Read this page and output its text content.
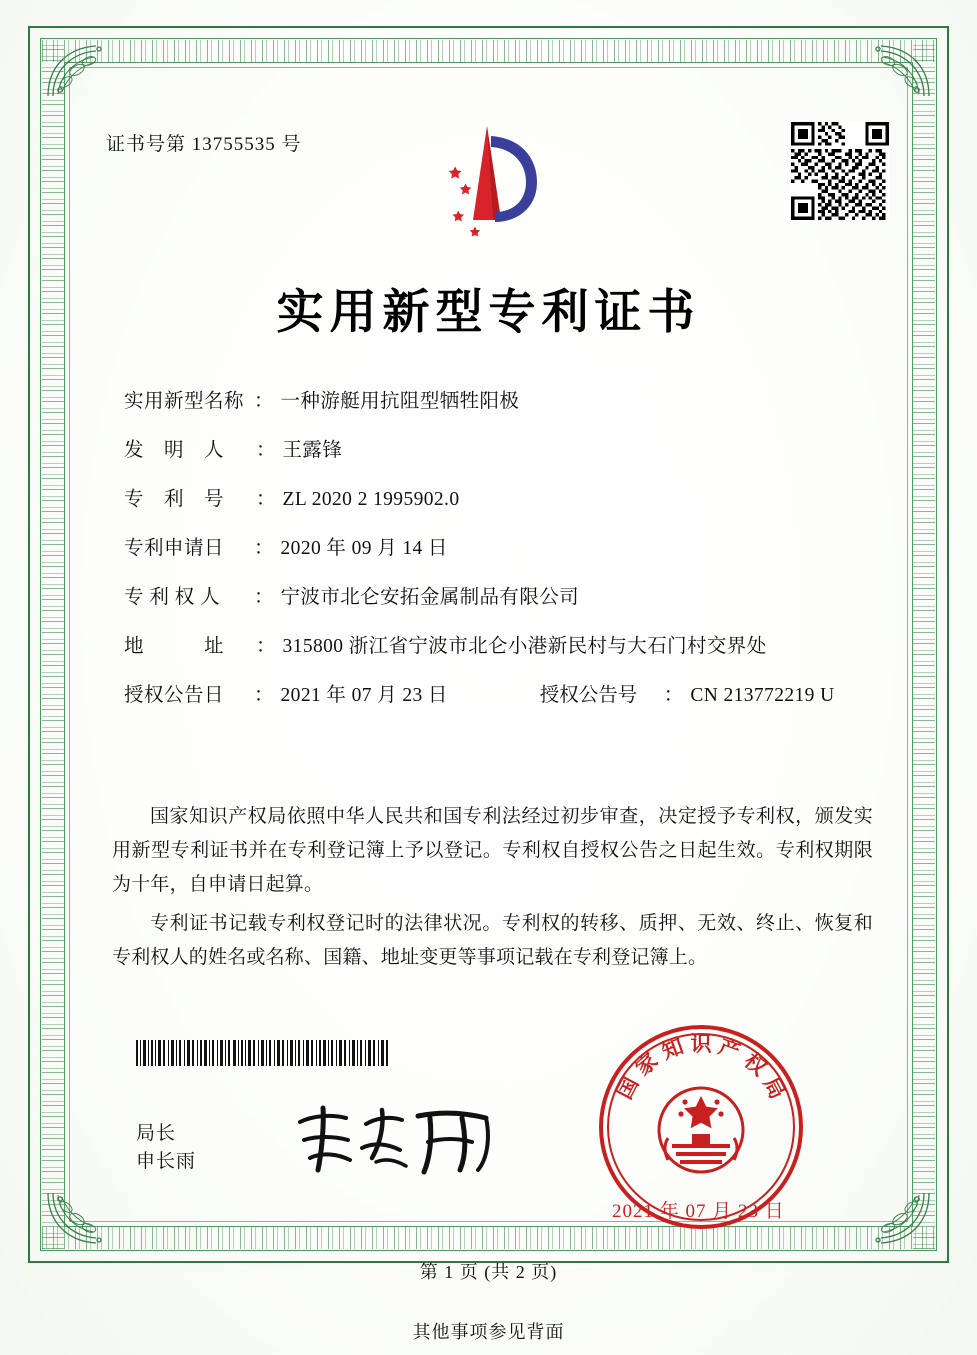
证书号第 13755535 号
实用新型专利证书
实用新型名称 ： 一种游艇用抗阻型牺牲阳极
发　明　人	： 王露锋
专　利　号	： ZL 2020 2 1995902.0
专利申请日	： 2020 年 09 月 14 日
专 利 权 人	： 宁波市北仑安拓金属制品有限公司
地　　　址	： 315800 浙江省宁波市北仑小港新民村与大石门村交界处
授权公告日	： 2021 年 07 月 23 日	授权公告号	： CN 213772219 U

国家知识产权局依照中华人民共和国专利法经过初步审查，决定授予专利权，颁发实用新型专利证书并在专利登记簿上予以登记。专利权自授权公告之日起生效。专利权期限为十年，自申请日起算。

专利证书记载专利权登记时的法律状况。专利权的转移、质押、无效、终止、恢复和专利权人的姓名或名称、国籍、地址变更等事项记载在专利登记簿上。

局长
申长雨
国
家
知 识 产
权
局
2021 年 07 月 23 日
第 1 页 (共 2 页)
其他事项参见背面
